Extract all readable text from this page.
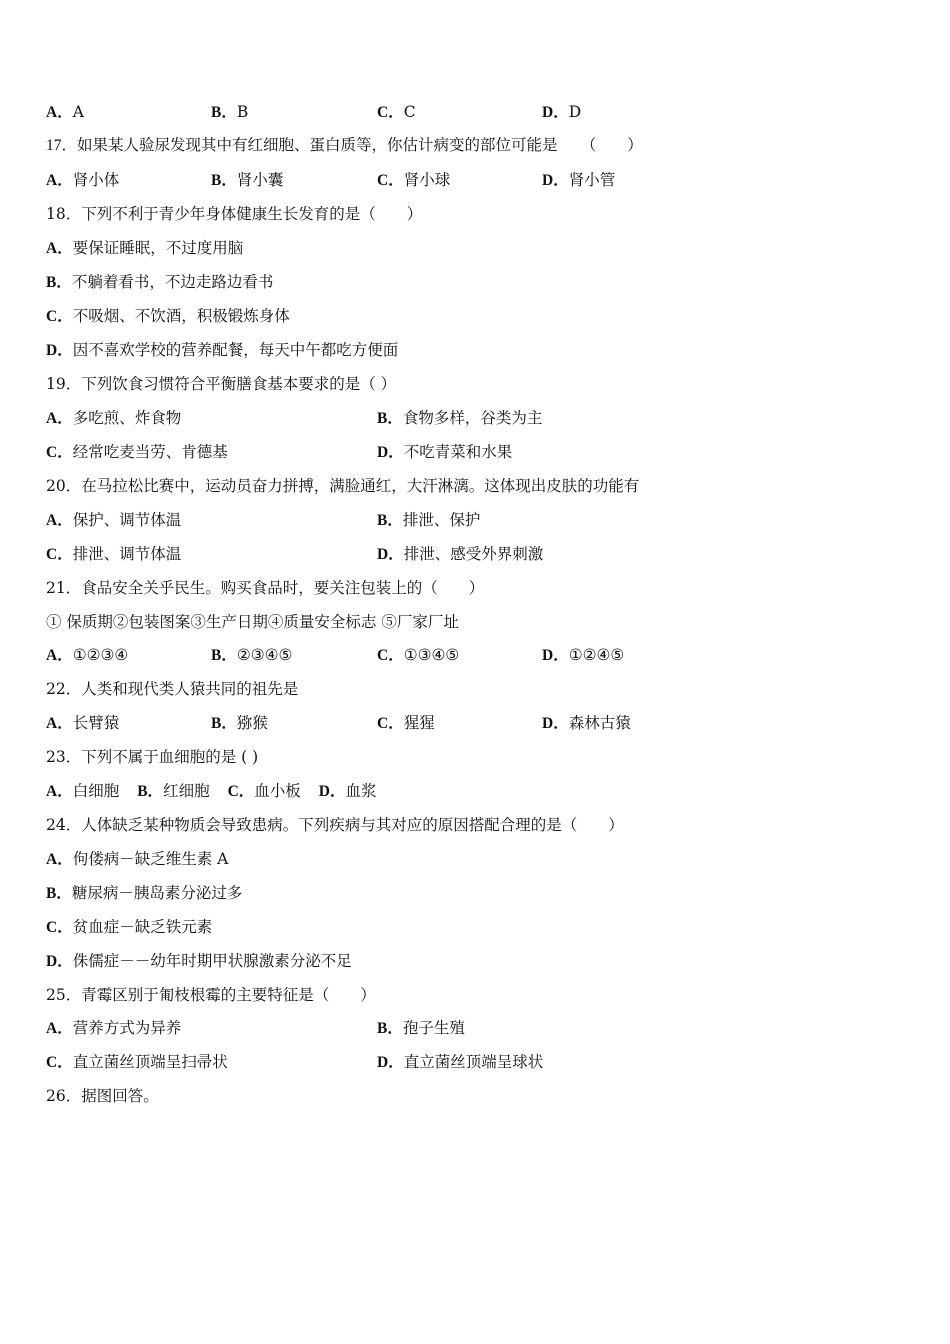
A．A	B．B	C．C	D．D
17．如果某人验尿发现其中有红细胞、蛋白质等，你估计病变的部位可能是　　（　　）
A．肾小体	B．肾小囊	C．肾小球	D．肾小管
18．下列不利于青少年身体健康生长发育的是（　　）
A．要保证睡眠，不过度用脑
B．不躺着看书，不边走路边看书
C．不吸烟、不饮酒，积极锻炼身体
D．因不喜欢学校的营养配餐，每天中午都吃方便面
19．下列饮食习惯符合平衡膳食基本要求的是（ ）
A．多吃煎、炸食物	B．食物多样，谷类为主
C．经常吃麦当劳、肯德基	D．不吃青菜和水果
20．在马拉松比赛中，运动员奋力拼搏，满脸通红，大汗淋漓。这体现出皮肤的功能有
A．保护、调节体温	B．排泄、保护
C．排泄、调节体温	D．排泄、感受外界刺激
21．食品安全关乎民生。购买食品时，要关注包装上的（　　）
① 保质期②包装图案③生产日期④质量安全标志 ⑤厂家厂址
A．①②③④	B．②③④⑤	C．①③④⑤	D．①②④⑤
22．人类和现代类人猿共同的祖先是
A．长臂猿	B．猕猴	C．猩猩	D．森林古猿
23．下列不属于血细胞的是 ( )
A．白细胞 B．红细胞 C．血小板 D．血浆
24．人体缺乏某种物质会导致患病。下列疾病与其对应的原因搭配合理的是（　　）
A．佝偻病－缺乏维生素 A
B．糖尿病－胰岛素分泌过多
C．贫血症－缺乏铁元素
D．侏儒症－－幼年时期甲状腺激素分泌不足
25．青霉区别于匍枝根霉的主要特征是（　　）
A．营养方式为异养	B．孢子生殖
C．直立菌丝顶端呈扫帚状	D．直立菌丝顶端呈球状
26．据图回答。
